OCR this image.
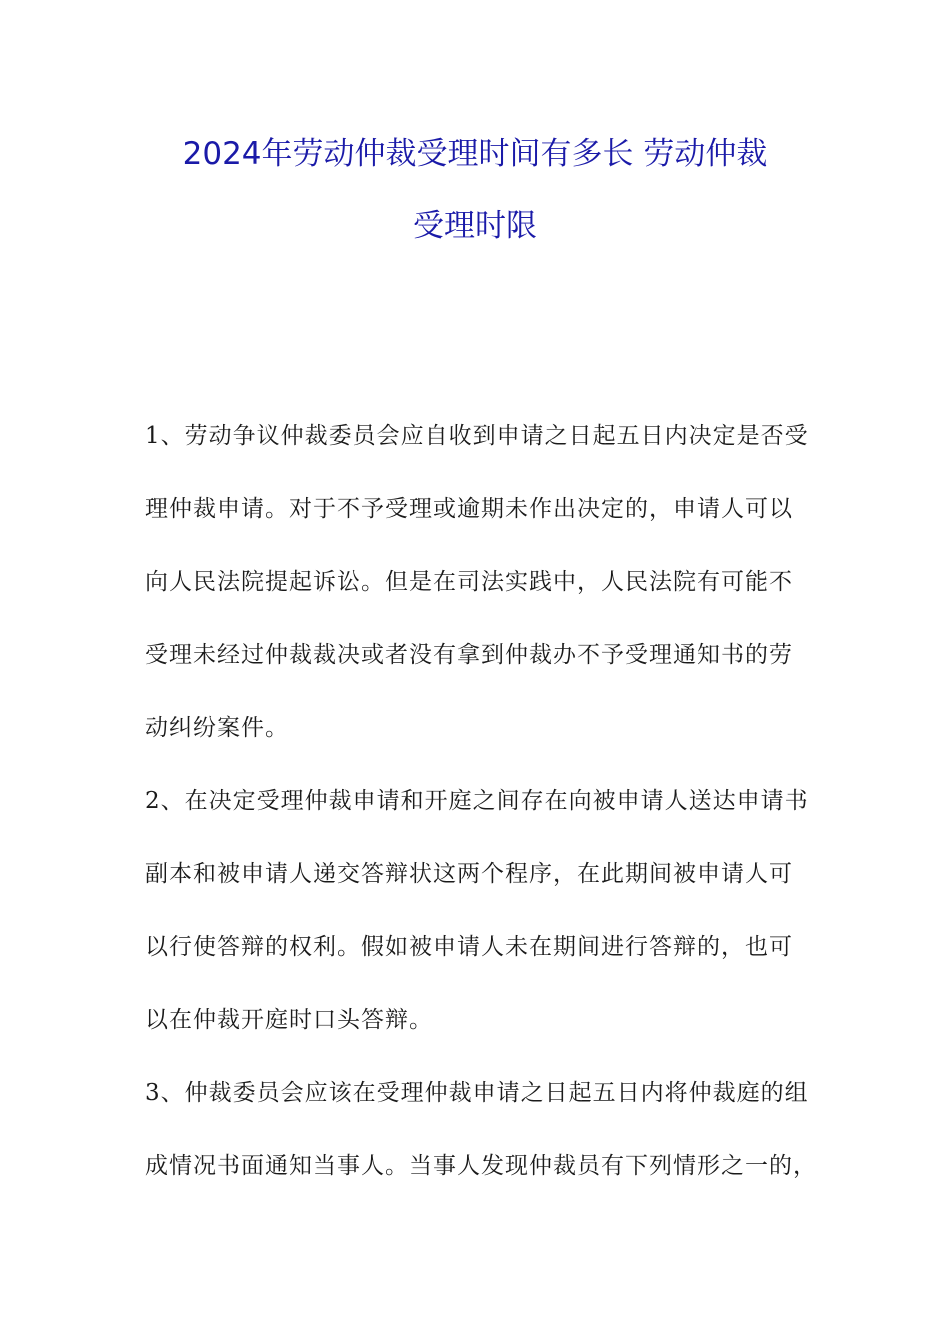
2024年劳动仲裁受理时间有多长 劳动仲裁
受理时限
1、劳动争议仲裁委员会应自收到申请之日起五日内决定是否受
理仲裁申请。对于不予受理或逾期未作出决定的，申请人可以
向人民法院提起诉讼。但是在司法实践中，人民法院有可能不
受理未经过仲裁裁决或者没有拿到仲裁办不予受理通知书的劳
动纠纷案件。
2、在决定受理仲裁申请和开庭之间存在向被申请人送达申请书
副本和被申请人递交答辩状这两个程序，在此期间被申请人可
以行使答辩的权利。假如被申请人未在期间进行答辩的，也可
以在仲裁开庭时口头答辩。
3、仲裁委员会应该在受理仲裁申请之日起五日内将仲裁庭的组
成情况书面通知当事人。当事人发现仲裁员有下列情形之一的，
